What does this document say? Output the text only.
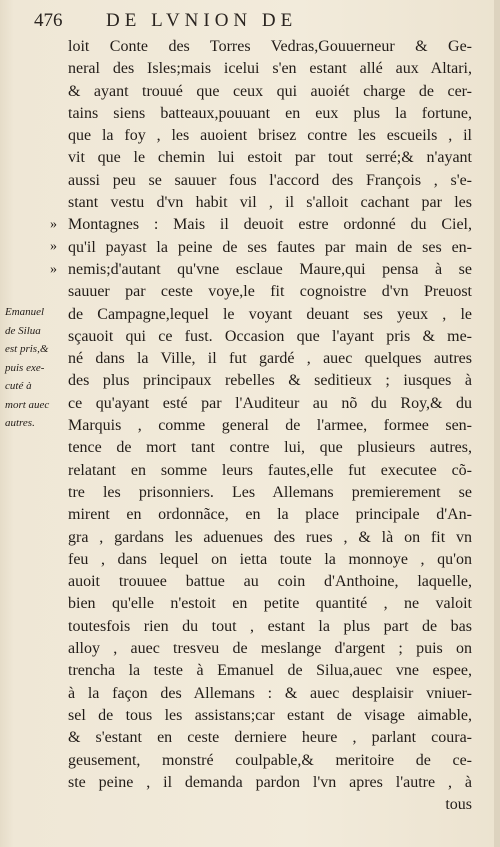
476 DE LVNION DE
»
»
»
Emanuel
de Silua
est pris,&
puis exe-
cuté à
mort auec
autres.
loit Conte des Torres Vedras,Gouuerneur & Ge-
neral des Isles;mais icelui s'en estant allé aux Altari,
& ayant trouué que ceux qui auoiét charge de cer-
tains siens batteaux,pouuant en eux plus la fortune,
que la foy , les auoient brisez contre les escueils , il
vit que le chemin lui estoit par tout serré;& n'ayant
aussi peu se sauuer fous l'accord des François , s'e-
stant vestu d'vn habit vil , il s'alloit cachant par les
Montagnes : Mais il deuoit estre ordonné du Ciel,
qu'il payast la peine de ses fautes par main de ses en-
nemis;d'autant qu'vne esclaue Maure,qui pensa à se
sauuer par ceste voye,le fit cognoistre d'vn Preuost
de Campagne,lequel le voyant deuant ses yeux , le
sçauoit qui ce fust. Occasion que l'ayant pris & me-
né dans la Ville, il fut gardé , auec quelques autres
des plus principaux rebelles & seditieux ; iusques à
ce qu'ayant esté par l'Auditeur au nõ du Roy,& du
Marquis , comme general de l'armee, formee sen-
tence de mort tant contre lui, que plusieurs autres,
relatant en somme leurs fautes,elle fut executee cõ-
tre les prisonniers. Les Allemans premierement se
mirent en ordonnãce, en la place principale d'An-
gra , gardans les aduenues des rues , & là on fit vn
feu , dans lequel on ietta toute la monnoye , qu'on
auoit trouuee battue au coin d'Anthoine, laquelle,
bien qu'elle n'estoit en petite quantité , ne valoit
toutesfois rien du tout , estant la plus part de bas
alloy , auec tresveu de meslange d'argent ; puis on
trencha la teste à Emanuel de Silua,auec vne espee,
à la façon des Allemans : & auec desplaisir vniuer-
sel de tous les assistans;car estant de visage aimable,
& s'estant en ceste derniere heure , parlant coura-
geusement, monstré coulpable,& meritoire de ce-
ste peine , il demanda pardon l'vn apres l'autre , à
tous
